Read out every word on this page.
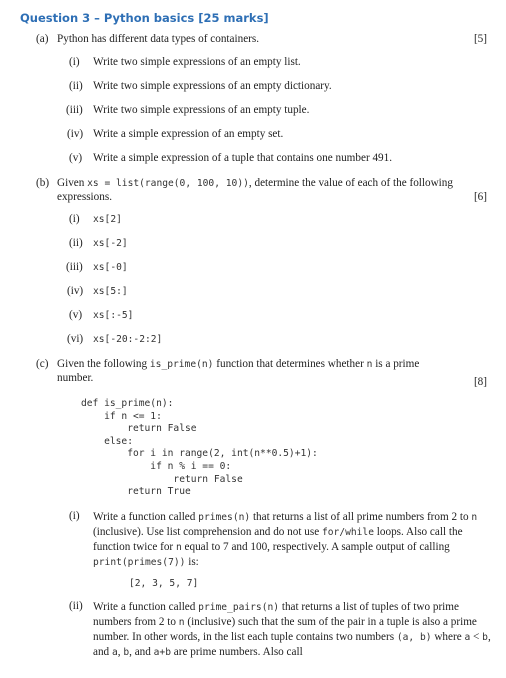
Question 3 – Python basics [25 marks]
(a) Python has different data types of containers.	[5]
(i) Write two simple expressions of an empty list.
(ii) Write two simple expressions of an empty dictionary.
(iii) Write two simple expressions of an empty tuple.
(iv) Write a simple expression of an empty set.
(v) Write a simple expression of a tuple that contains one number 491.
(b) Given xs = list(range(0, 100, 10)), determine the value of each of the following
expressions.	[6]
(i) xs[2]
(ii) xs[-2]
(iii) xs[-0]
(iv) xs[5:]
(v) xs[:-5]
(vi) xs[-20:-2:2]
(c) Given the following is_prime(n) function that determines whether n is a prime
number.	[8]
def is_prime(n):
if n <= 1:
return False
else:
for i in range(2, int(n**0.5)+1):
if n % i == 0:
return False
return True
(i) Write a function called primes(n) that returns a list of all prime numbers from 2 to n (inclusive). Use list comprehension and do not use for/while loops. Also call the function twice for n equal to 7 and 100, respectively. A sample output of calling print(primes(7)) is:
[2, 3, 5, 7]
(ii) Write a function called prime_pairs(n) that returns a list of tuples of two prime numbers from 2 to n (inclusive) such that the sum of the pair in a tuple is also a prime number. In other words, in the list each tuple contains two numbers (a, b) where a < b, and a, b, and a+b are prime numbers. Also call
